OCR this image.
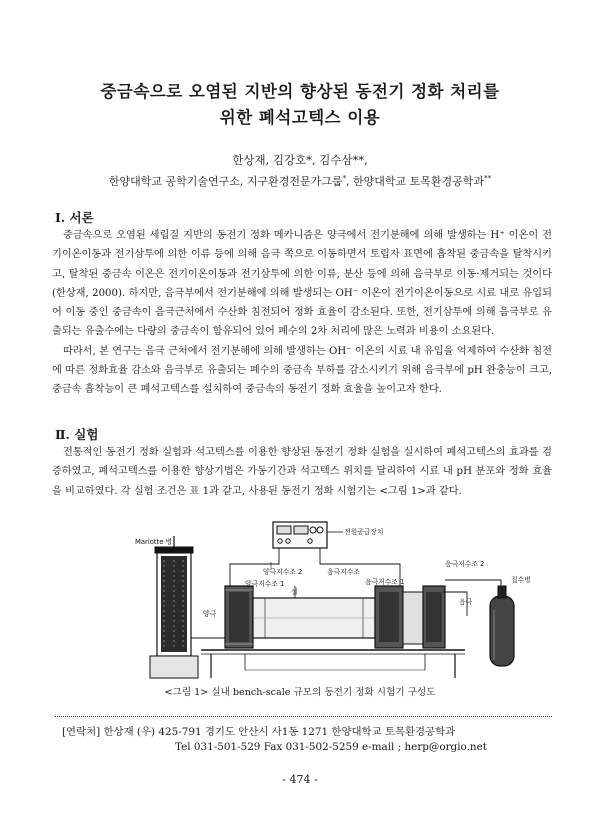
중금속으로 오염된 지반의 향상된 동전기 정화 처리를
위한 폐석고텍스 이용
한상재, 김강호*, 김수삼**,
한양대학교 공학기술연구소, 지구환경전문가그룹*, 한양대학교 토목환경공학과**
Ⅰ. 서론

중금속으로 오염된 세립질 지반의 동전기 정화 메카니즘은 양극에서 전기분해에 의해 발생하는 H⁺ 이온이 전기이온이동과 전기삼투에 의한 이류 등에 의해 음극 쪽으로 이동하면서 토립자 표면에 흡착된 중금속을 탈착시키고, 탈착된 중금속 이온은 전기이온이동과 전기삼투에 의한 이류, 분산 등에 의해 음극부로 이동·제거되는 것이다(한상재, 2000). 하지만, 음극부에서 전기분해에 의해 발생되는 OH⁻ 이온이 전기이온이동으로 시료 내로 유입되어 이동 중인 중금속이 음극근처에서 수산화 침전되어 정화 효율이 감소된다. 또한, 전기삼투에 의해 음극부로 유출되는 유출수에는 다량의 중금속이 함유되어 있어 폐수의 2차 처리에 많은 노력과 비용이 소요된다.

따라서, 본 연구는 음극 근처에서 전기분해에 의해 발생하는 OH⁻ 이온의 시료 내 유입을 억제하여 수산화 침전에 따른 정화효율 감소와 음극부로 유출되는 폐수의 중금속 부하를 감소시키기 위해 음극부에 pH 완충능이 크고, 중금속 흡착능이 큰 폐석고텍스를 설치하여 중금속의 동전기 정화 효율을 높이고자 한다.

Ⅱ. 실험

전통적인 동전기 정화 실험과 석고텍스를 이용한 향상된 동전기 정화 실험을 실시하여 폐석고텍스의 효과를 검증하였고, 폐석고텍스를 이용한 향상기법은 가동기간과 석고텍스 위치를 달리하여 시료 내 pH 분포와 정화 효율을 비교하였다. 각 실험 조건은 표 1과 같고, 사용된 동전기 정화 시험기는 <그림 1>과 같다.

Mariotte 병
전원공급장치
양극저수조 2	음극저수조
음극저수조 2
양극저수조 1
셀
음극저수조 1
양극
음극
집수병
<그림 1> 실내 bench-scale 규모의 동전기 정화 시험기 구성도
[연락처] 한상재 (우) 425-791 경기도 안산시 사1동 1271 한양대학교 토목환경공학과
Tel 031-501-529 Fax 031-502-5259 e-mail ; herp@orgio.net
- 474 -
